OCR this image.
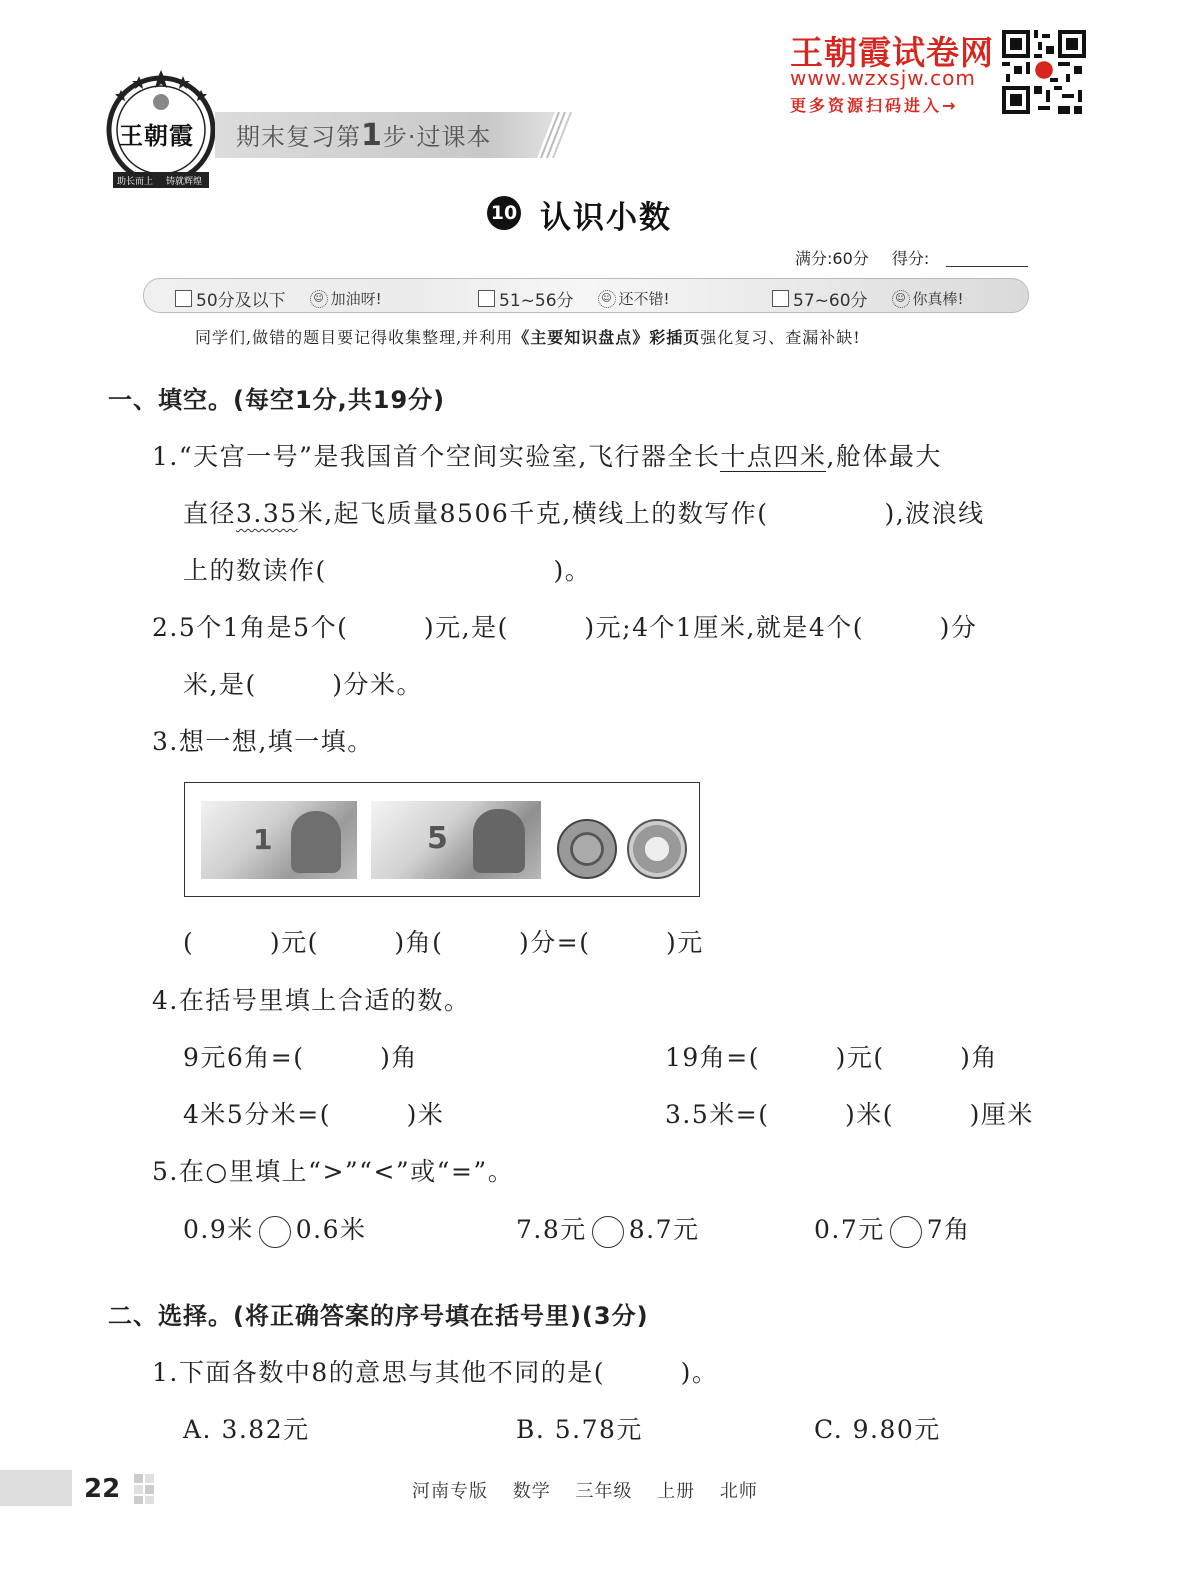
王朝霞
助长而上 铸就辉煌
期末复习第1步·过课本
王朝霞试卷网
www.wzxsjw.com
更多资源扫码进入→
10 认识小数
满分:60分 得分:
50分及以下	☺ 加油呀!	51~56分	☺ 还不错!	57~60分	☺ 你真棒!
同学们,做错的题目要记得收集整理,并利用《主要知识盘点》彩插页强化复习、查漏补缺!
一、填空。(每空1分,共19分)
1.“天宫一号”是我国首个空间实验室,飞行器全长十点四米,舱体最大
直径3.35米,起飞质量8506千克,横线上的数写作(	),波浪线
上的数读作(                        )。
2.5个1角是5个(        )元,是(        )元;4个1厘米,就是4个(        )分
米,是(        )分米。
3.想一想,填一填。
1	5
(        )元(        )角(        )分=(        )元
4.在括号里填上合适的数。
9元6角=(        )角	19角=(        )元(        )角
4米5分米=(        )米	3.5米=(        )米(        )厘米
5.在○里填上“>”“<”或“=”。
0.9米 0.6米	7.8元 8.7元	0.7元 7角
二、选择。(将正确答案的序号填在括号里)(3分)
1.下面各数中8的意思与其他不同的是(        )。
A. 3.82元	B. 5.78元	C. 9.80元
22	河南专版 数学 三年级 上册 北师
